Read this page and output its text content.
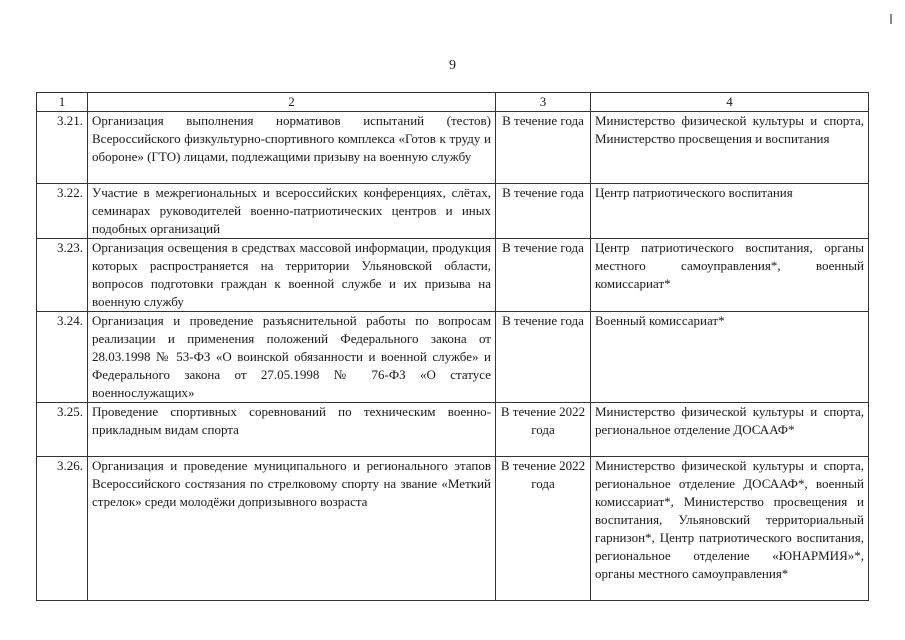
9
1	2	3	4
3.21.	Организация выполнения нормативов испытаний (тестов) Всероссийского физкультурно-спортивного комплекса «Готов к труду и обороне» (ГТО) лицами, подлежащими призыву на военную службу	В течение года	Министерство физической культуры и спорта, Министерство просвещения и воспитания
3.22.	Участие в межрегиональных и всероссийских конференциях, слётах, семинарах руководителей военно-патриотических центров и иных подобных организаций	В течение года	Центр патриотического воспитания
3.23.	Организация освещения в средствах массовой информации, продукция которых распространяется на территории Ульяновской области, вопросов подготовки граждан к военной службе и их призыва на военную службу	В течение года	Центр патриотического воспитания, органы местного самоуправления*, военный комиссариат*
3.24.	Организация и проведение разъяснительной работы по вопросам реализации и применения положений Федерального закона от 28.03.1998 № 53-ФЗ «О воинской обязанности и военной службе» и Федерального закона от 27.05.1998 № 76-ФЗ «О статусе военнослужащих»	В течение года	Военный комиссариат*
3.25.	Проведение спортивных соревнований по техническим военно-прикладным видам спорта	В течение 2022 года	Министерство физической культуры и спорта, региональное отделение ДОСААФ*
3.26.	Организация и проведение муниципального и регионального этапов Всероссийского состязания по стрелковому спорту на звание «Меткий стрелок» среди молодёжи допризывного возраста	В течение 2022 года	Министерство физической культуры и спорта, региональное отделение ДОСААФ*, военный комиссариат*, Министерство просвещения и воспитания, Ульяновский территориальный гарнизон*, Центр патриотического воспитания, региональное отделение «ЮНАРМИЯ»*, органы местного самоуправления*
